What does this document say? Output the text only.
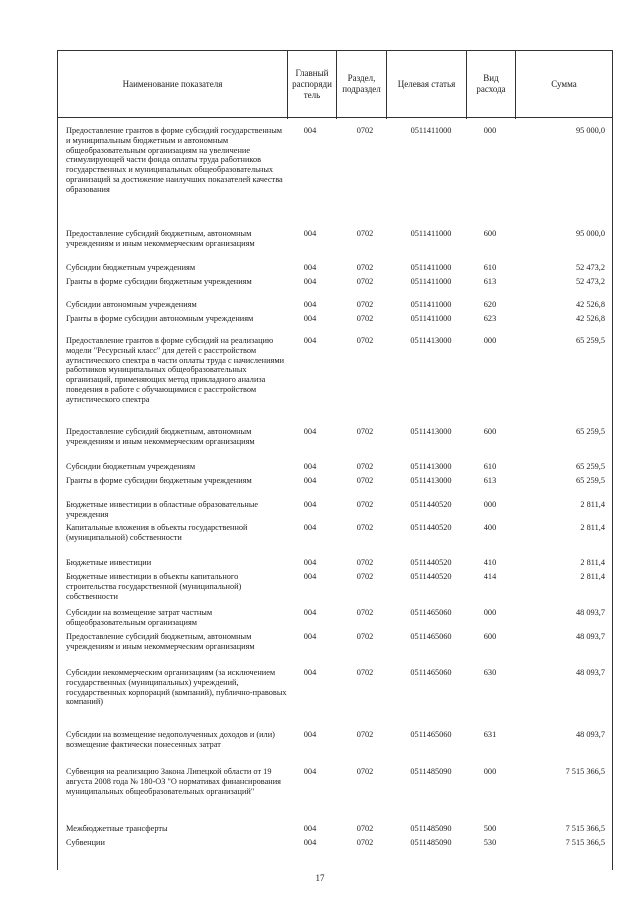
Наименование показателя
Главный
распоряди
тель
Раздел,
подраздел
Целевая статья
Вид
расхода
Сумма
Предоставление грантов в форме субсидий государственным и муниципальным бюджетным и автономным общеобразовательным организациям на увеличение стимулирующей части фонда оплаты труда работников государственных и муниципальных общеобразовательных организаций за достижение наилучших показателей качества образования
004	0702	0511411000	000	95 000,0
Предоставление субсидий бюджетным, автономным учреждениям и иным некоммерческим организациям
004	0702	0511411000	600	95 000,0
Субсидии бюджетным учреждениям	004	0702	0511411000	610	52 473,2
Гранты в форме субсидии бюджетным учреждениям	004	0702	0511411000	613	52 473,2
Субсидии автономным учреждениям	004	0702	0511411000	620	42 526,8
Гранты в форме субсидии автономным учреждениям	004	0702	0511411000	623	42 526,8
Предоставление грантов в форме субсидий на реализацию модели "Ресурсный класс" для детей с расстройством аутистического спектра в части оплаты труда с начислениями работников муниципальных общеобразовательных организаций, применяющих метод прикладного анализа поведения в работе с обучающимися с расстройством аутистического спектра
004	0702	0511413000	000	65 259,5
Предоставление субсидий бюджетным, автономным учреждениям и иным некоммерческим организациям
004	0702	0511413000	600	65 259,5
Субсидии бюджетным учреждениям	004	0702	0511413000	610	65 259,5
Гранты в форме субсидии бюджетным учреждениям	004	0702	0511413000	613	65 259,5
Бюджетные инвестиции в областные образовательные учреждения
004	0702	0511440520	000	2 811,4
Капитальные вложения в объекты государственной (муниципальной) собственности
004	0702	0511440520	400	2 811,4
Бюджетные инвестиции	004	0702	0511440520	410	2 811,4
Бюджетные инвестиции в объекты капитального строительства государственной (муниципальной) собственности
004	0702	0511440520	414	2 811,4
Субсидии на возмещение затрат частным общеобразовательным организациям
004	0702	0511465060	000	48 093,7
Предоставление субсидий бюджетным, автономным учреждениям и иным некоммерческим организациям
004	0702	0511465060	600	48 093,7
Субсидии некоммерческим организациям (за исключением государственных (муниципальных) учреждений, государственных корпораций (компаний), публично-правовых компаний)
004	0702	0511465060	630	48 093,7
Субсидии на возмещение недополученных доходов и (или) возмещение фактически понесенных затрат
004	0702	0511465060	631	48 093,7
Субвенция на реализацию Закона Липецкой области от 19 августа 2008 года № 180-ОЗ "О нормативах финансирования муниципальных общеобразовательных организаций"
004	0702	0511485090	000	7 515 366,5
Межбюджетные трансферты	004	0702	0511485090	500	7 515 366,5
Субвенции	004	0702	0511485090	530	7 515 366,5
17
